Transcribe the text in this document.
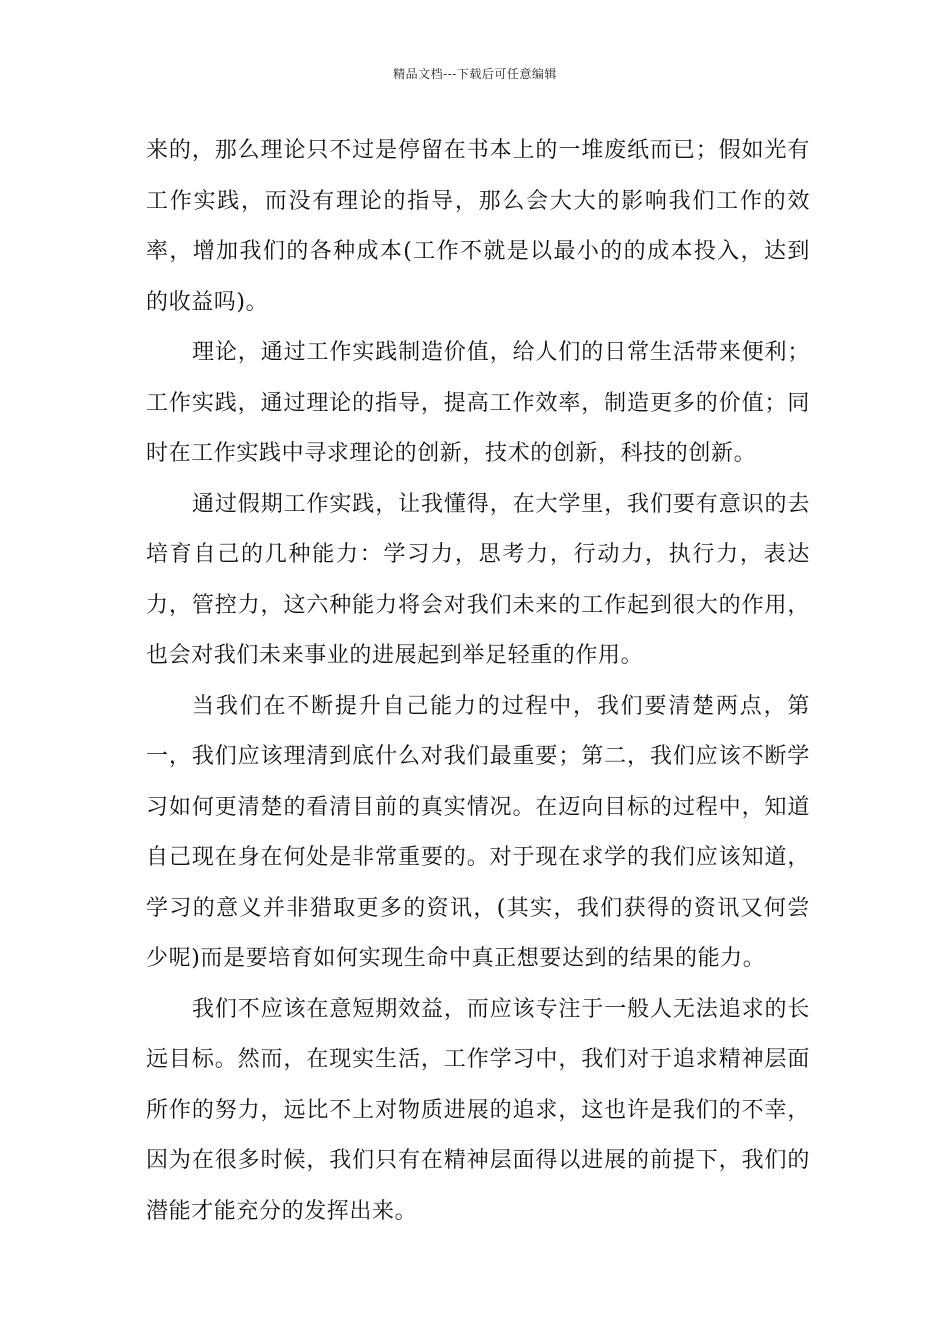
精品文档---下载后可任意编辑

来的，那么理论只不过是停留在书本上的一堆废纸而已；假如光有工作实践，而没有理论的指导，那么会大大的影响我们工作的效率，增加我们的各种成本(工作不就是以最小的的成本投入，达到的收益吗)。

理论，通过工作实践制造价值，给人们的日常生活带来便利；工作实践，通过理论的指导，提高工作效率，制造更多的价值；同时在工作实践中寻求理论的创新，技术的创新，科技的创新。

通过假期工作实践，让我懂得，在大学里，我们要有意识的去培育自己的几种能力：学习力，思考力，行动力，执行力，表达力，管控力，这六种能力将会对我们未来的工作起到很大的作用，也会对我们未来事业的进展起到举足轻重的作用。

当我们在不断提升自己能力的过程中，我们要清楚两点，第一，我们应该理清到底什么对我们最重要；第二，我们应该不断学习如何更清楚的看清目前的真实情况。在迈向目标的过程中，知道自己现在身在何处是非常重要的。对于现在求学的我们应该知道，学习的意义并非猎取更多的资讯，(其实，我们获得的资讯又何尝少呢)而是要培育如何实现生命中真正想要达到的结果的能力。

我们不应该在意短期效益，而应该专注于一般人无法追求的长远目标。然而，在现实生活，工作学习中，我们对于追求精神层面所作的努力，远比不上对物质进展的追求，这也许是我们的不幸，因为在很多时候，我们只有在精神层面得以进展的前提下，我们的潜能才能充分的发挥出来。
